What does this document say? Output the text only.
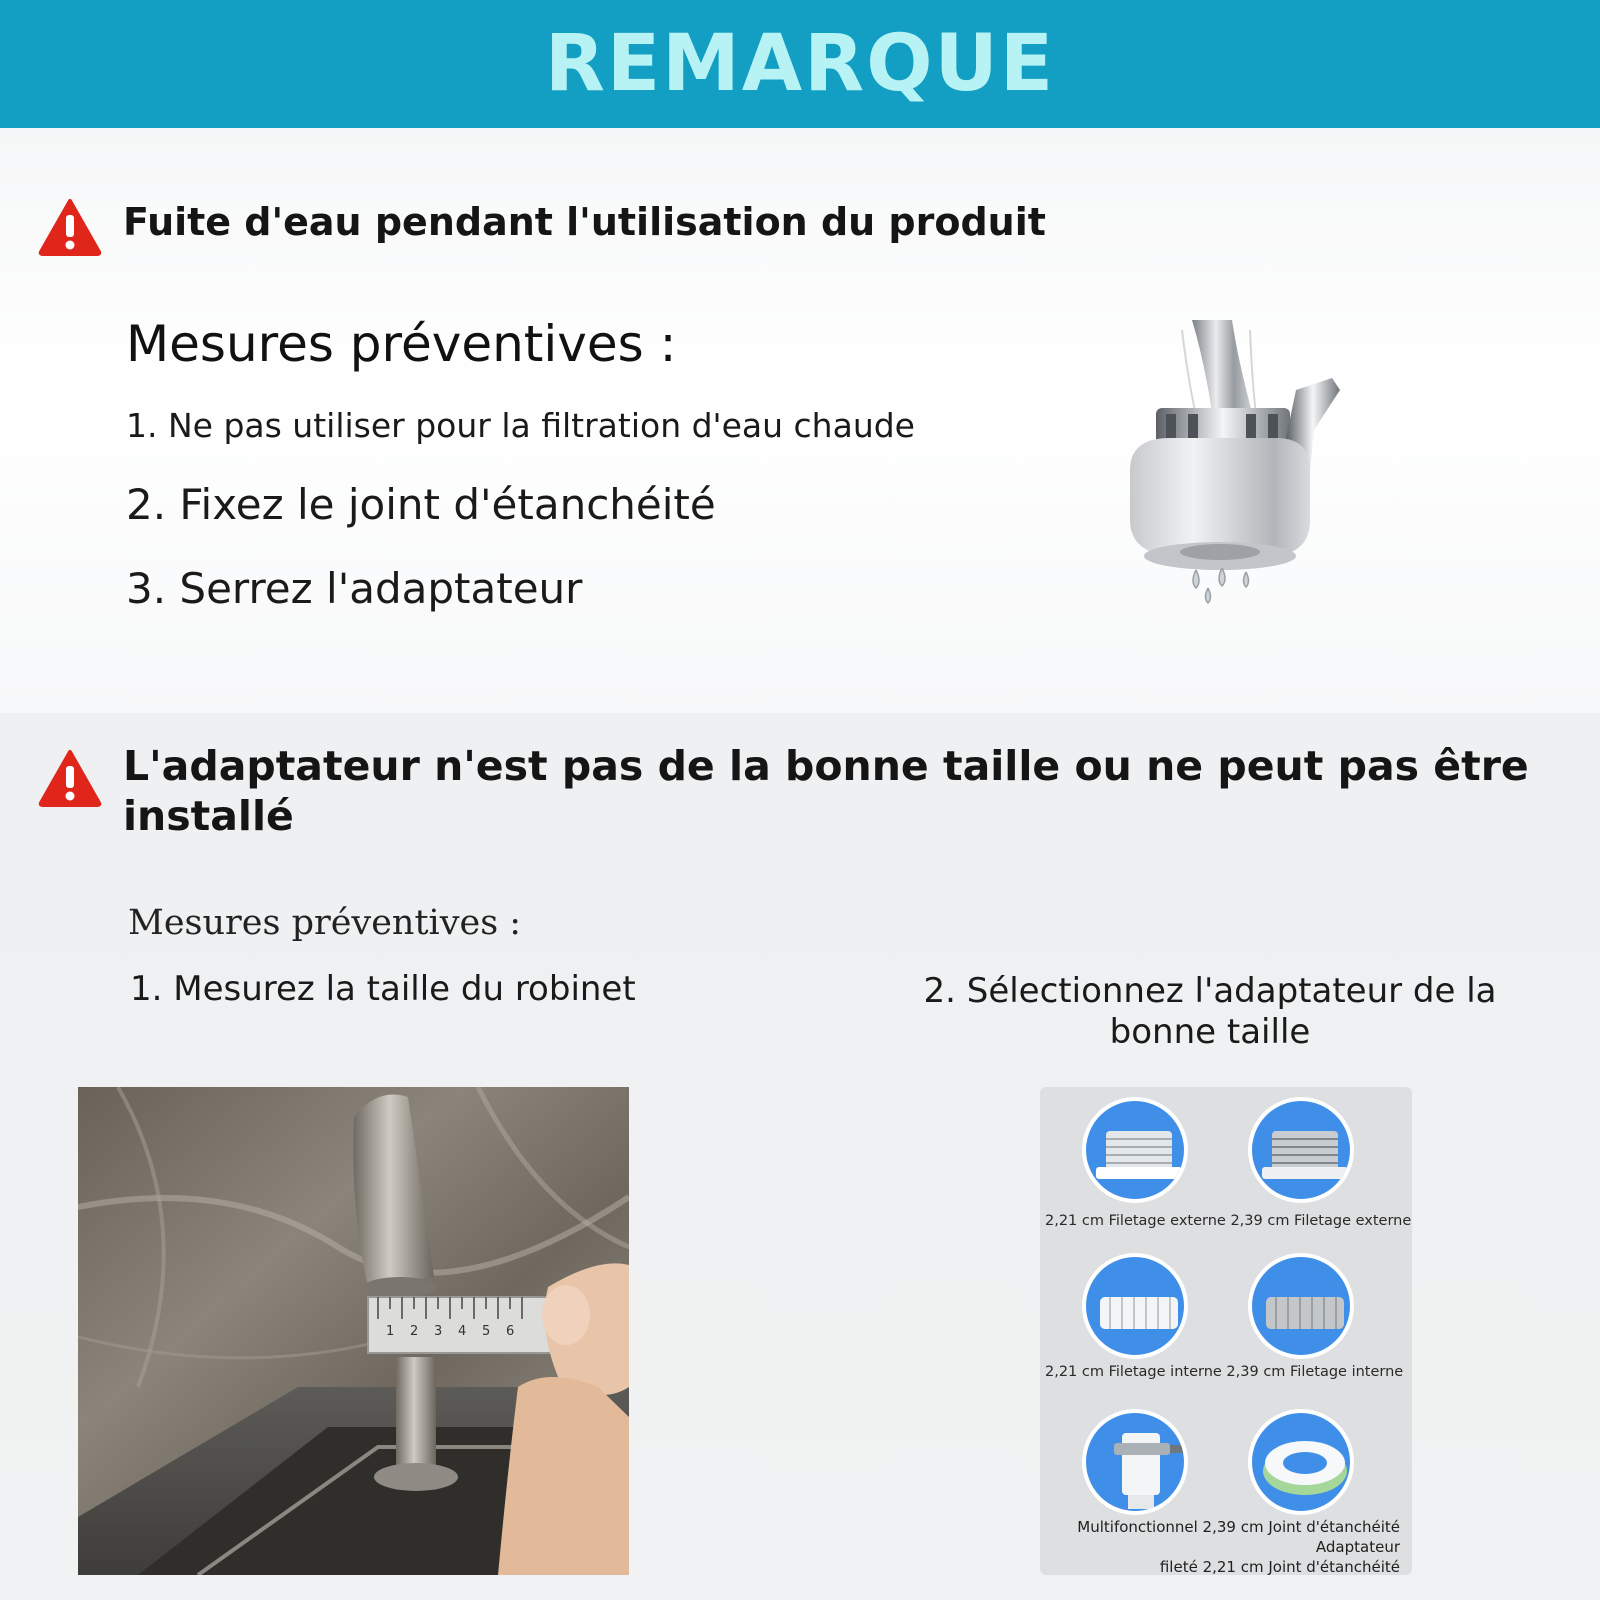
REMARQUE
Fuite d'eau pendant l'utilisation du produit
Mesures préventives :
1. Ne pas utiliser pour la filtration d'eau chaude
2. Fixez le joint d'étanchéité
3. Serrez l'adaptateur
L'adaptateur n'est pas de la bonne taille ou ne peut pas être installé
Mesures préventives :
1. Mesurez la taille du robinet	2. Sélectionnez l'adaptateur de la bonne taille
1 2 3 4 5 6
2,21 cm Filetage externe 2,39 cm Filetage externe
2,21 cm Filetage interne 2,39 cm Filetage interne
Multifonctionnel 2,39 cm Joint d'étanchéité Adaptateur
fileté 2,21 cm Joint d'étanchéité
